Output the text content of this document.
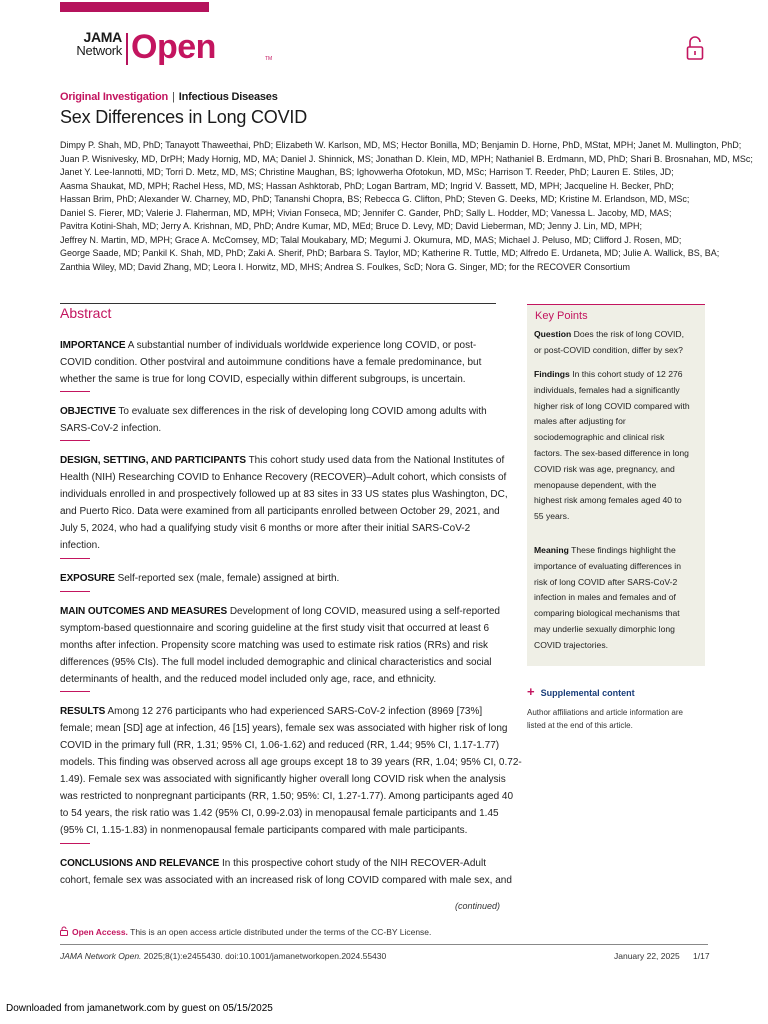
JAMA
Network Open	TM
Original Investigation | Infectious Diseases
Sex Differences in Long COVID
Dimpy P. Shah, MD, PhD; Tanayott Thaweethai, PhD; Elizabeth W. Karlson, MD, MS; Hector Bonilla, MD; Benjamin D. Horne, PhD, MStat, MPH; Janet M. Mullington, PhD;
Juan P. Wisnivesky, MD, DrPH; Mady Hornig, MD, MA; Daniel J. Shinnick, MS; Jonathan D. Klein, MD, MPH; Nathaniel B. Erdmann, MD, PhD; Shari B. Brosnahan, MD, MSc;
Janet Y. Lee-Iannotti, MD; Torri D. Metz, MD, MS; Christine Maughan, BS; Ighovwerha Ofotokun, MD, MSc; Harrison T. Reeder, PhD; Lauren E. Stiles, JD;
Aasma Shaukat, MD, MPH; Rachel Hess, MD, MS; Hassan Ashktorab, PhD; Logan Bartram, MD; Ingrid V. Bassett, MD, MPH; Jacqueline H. Becker, PhD;
Hassan Brim, PhD; Alexander W. Charney, MD, PhD; Tananshi Chopra, BS; Rebecca G. Clifton, PhD; Steven G. Deeks, MD; Kristine M. Erlandson, MD, MSc;
Daniel S. Fierer, MD; Valerie J. Flaherman, MD, MPH; Vivian Fonseca, MD; Jennifer C. Gander, PhD; Sally L. Hodder, MD; Vanessa L. Jacoby, MD, MAS;
Pavitra Kotini-Shah, MD; Jerry A. Krishnan, MD, PhD; Andre Kumar, MD, MEd; Bruce D. Levy, MD; David Lieberman, MD; Jenny J. Lin, MD, MPH;
Jeffrey N. Martin, MD, MPH; Grace A. McComsey, MD; Talal Moukabary, MD; Megumi J. Okumura, MD, MAS; Michael J. Peluso, MD; Clifford J. Rosen, MD;
George Saade, MD; Pankil K. Shah, MD, PhD; Zaki A. Sherif, PhD; Barbara S. Taylor, MD; Katherine R. Tuttle, MD; Alfredo E. Urdaneta, MD; Julie A. Wallick, BS, BA;
Zanthia Wiley, MD; David Zhang, MD; Leora I. Horwitz, MD, MHS; Andrea S. Foulkes, ScD; Nora G. Singer, MD; for the RECOVER Consortium
Abstract
IMPORTANCE A substantial number of individuals worldwide experience long COVID, or post-
COVID condition. Other postviral and autoimmune conditions have a female predominance, but
whether the same is true for long COVID, especially within different subgroups, is uncertain.
OBJECTIVE To evaluate sex differences in the risk of developing long COVID among adults with
SARS-CoV-2 infection.
DESIGN, SETTING, AND PARTICIPANTS This cohort study used data from the National Institutes of
Health (NIH) Researching COVID to Enhance Recovery (RECOVER)–Adult cohort, which consists of
individuals enrolled in and prospectively followed up at 83 sites in 33 US states plus Washington, DC,
and Puerto Rico. Data were examined from all participants enrolled between October 29, 2021, and
July 5, 2024, who had a qualifying study visit 6 months or more after their initial SARS-CoV-2
infection.
EXPOSURE Self-reported sex (male, female) assigned at birth.
MAIN OUTCOMES AND MEASURES Development of long COVID, measured using a self-reported
symptom-based questionnaire and scoring guideline at the first study visit that occurred at least 6
months after infection. Propensity score matching was used to estimate risk ratios (RRs) and risk
differences (95% CIs). The full model included demographic and clinical characteristics and social
determinants of health, and the reduced model included only age, race, and ethnicity.
RESULTS Among 12 276 participants who had experienced SARS-CoV-2 infection (8969 [73%]
female; mean [SD] age at infection, 46 [15] years), female sex was associated with higher risk of long
COVID in the primary full (RR, 1.31; 95% CI, 1.06-1.62) and reduced (RR, 1.44; 95% CI, 1.17-1.77)
models. This finding was observed across all age groups except 18 to 39 years (RR, 1.04; 95% CI, 0.72-
1.49). Female sex was associated with significantly higher overall long COVID risk when the analysis
was restricted to nonpregnant participants (RR, 1.50; 95%: CI, 1.27-1.77). Among participants aged 40
to 54 years, the risk ratio was 1.42 (95% CI, 0.99-2.03) in menopausal female participants and 1.45
(95% CI, 1.15-1.83) in nonmenopausal female participants compared with male participants.
CONCLUSIONS AND RELEVANCE In this prospective cohort study of the NIH RECOVER-Adult
cohort, female sex was associated with an increased risk of long COVID compared with male sex, and
(continued)
Key Points
Question Does the risk of long COVID,
or post-COVID condition, differ by sex?
Findings In this cohort study of 12 276
individuals, females had a significantly
higher risk of long COVID compared with
males after adjusting for
sociodemographic and clinical risk
factors. The sex-based difference in long
COVID risk was age, pregnancy, and
menopause dependent, with the
highest risk among females aged 40 to
55 years.
Meaning These findings highlight the
importance of evaluating differences in
risk of long COVID after SARS-CoV-2
infection in males and females and of
comparing biological mechanisms that
may underlie sexually dimorphic long
COVID trajectories.
+ Supplemental content
Author affiliations and article information are
listed at the end of this article.
Open Access. This is an open access article distributed under the terms of the CC-BY License.
JAMA Network Open. 2025;8(1):e2455430. doi:10.1001/jamanetworkopen.2024.55430	January 22, 2025 1/17
Downloaded from jamanetwork.com by guest on 05/15/2025
